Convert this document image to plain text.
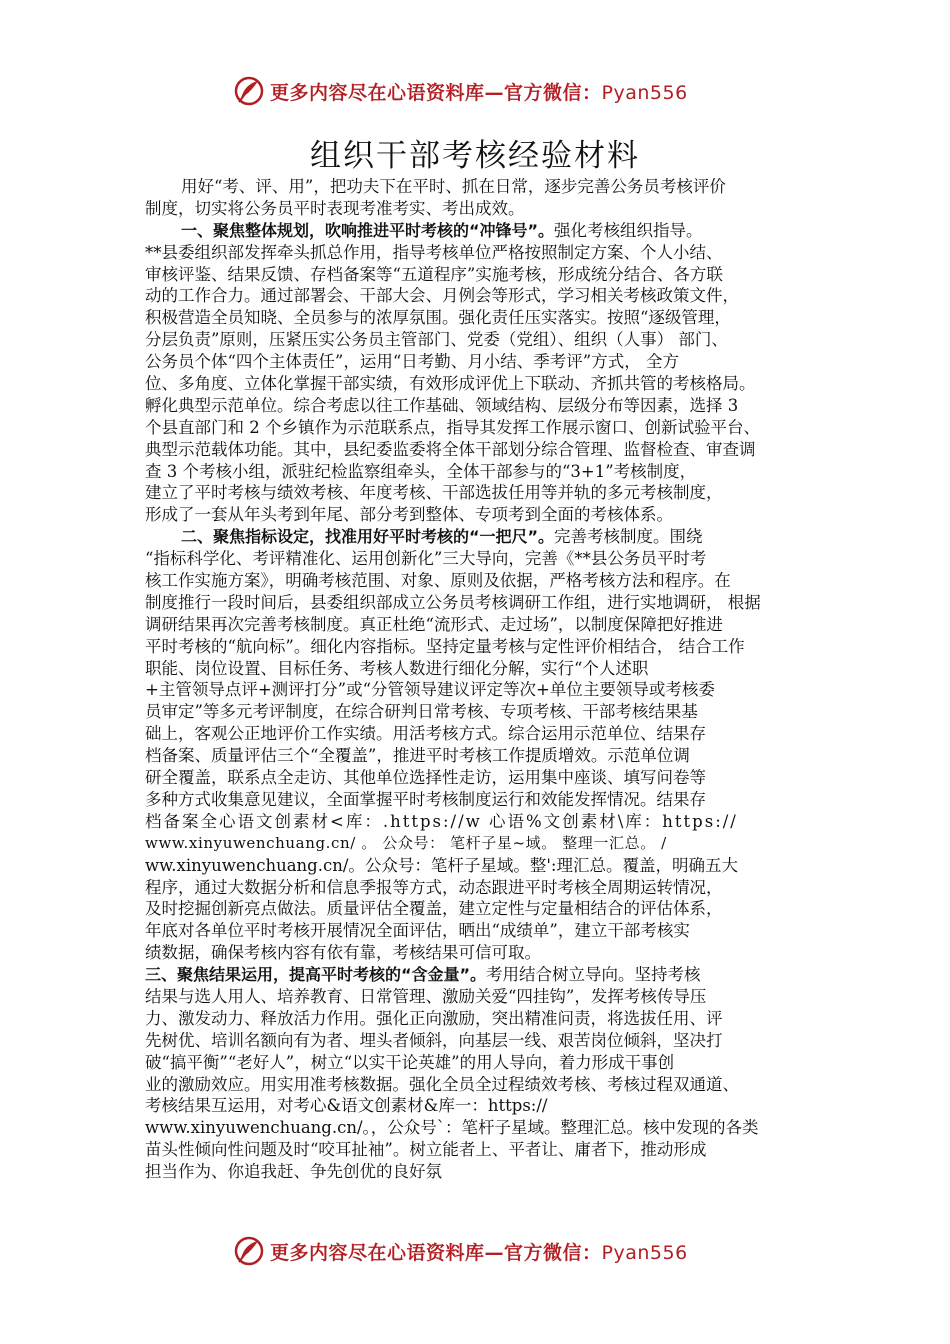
更多内容尽在心语资料库—官方微信：Pyan556
组织干部考核经验材料
用好“考、评、用”，把功夫下在平时、抓在日常，逐步完善公务员考核评价
制度，切实将公务员平时表现考准考实、考出成效。
一、聚焦整体规划，吹响推进平时考核的“冲锋号”。强化考核组织指导。
**县委组织部发挥牵头抓总作用，指导考核单位严格按照制定方案、个人小结、
审核评鉴、结果反馈、存档备案等“五道程序”实施考核，形成统分结合、各方联
动的工作合力。通过部署会、干部大会、月例会等形式，学习相关考核政策文件，
积极营造全员知晓、全员参与的浓厚氛围。强化责任压实落实。按照“逐级管理，
分层负责”原则，压紧压实公务员主管部门、党委（党组）、组织（人事） 部门、
公务员个体“四个主体责任”，运用“日考勤、月小结、季考评”方式， 全方
位、多角度、立体化掌握干部实绩，有效形成评优上下联动、齐抓共管的考核格局。
孵化典型示范单位。综合考虑以往工作基础、领域结构、层级分布等因素，选择 3
个县直部门和 2 个乡镇作为示范联系点，指导其发挥工作展示窗口、创新试验平台、
典型示范载体功能。其中，县纪委监委将全体干部划分综合管理、监督检查、审查调
查 3 个考核小组，派驻纪检监察组牵头，全体干部参与的“3+1”考核制度，
建立了平时考核与绩效考核、年度考核、干部选拔任用等并轨的多元考核制度，
形成了一套从年头考到年尾、部分考到整体、专项考到全面的考核体系。
二、聚焦指标设定，找准用好平时考核的“一把尺”。完善考核制度。围绕
“指标科学化、考评精准化、运用创新化”三大导向，完善《**县公务员平时考
核工作实施方案》，明确考核范围、对象、原则及依据，严格考核方法和程序。在
制度推行一段时间后，县委组织部成立公务员考核调研工作组，进行实地调研， 根据
调研结果再次完善考核制度。真正杜绝“流形式、走过场”，以制度保障把好推进
平时考核的“航向标”。细化内容指标。坚持定量考核与定性评价相结合， 结合工作
职能、岗位设置、目标任务、考核人数进行细化分解，实行“个人述职
+主管领导点评+测评打分”或“分管领导建议评定等次+单位主要领导或考核委
员审定”等多元考评制度，在综合研判日常考核、专项考核、干部考核结果基
础上，客观公正地评价工作实绩。用活考核方式。综合运用示范单位、结果存
档备案、质量评估三个“全覆盖”，推进平时考核工作提质增效。示范单位调
研全覆盖，联系点全走访、其他单位选择性走访，运用集中座谈、填写问卷等
多种方式收集意见建议，全面掌握平时考核制度运行和效能发挥情况。结果存
档备案全心语文创素材<库：.https://w 心语%文创素材\库：https://
www.xinyuwenchuang.cn/ 。 公众号： 笔杆子星~域。 整理一汇总。 /
ww.xinyuwenchuang.cn/。公众号：笔杆子星域。整':理汇总。覆盖，明确五大
程序，通过大数据分析和信息季报等方式，动态跟进平时考核全周期运转情况，
及时挖掘创新亮点做法。质量评估全覆盖，建立定性与定量相结合的评估体系，
年底对各单位平时考核开展情况全面评估，晒出“成绩单”，建立干部考核实
绩数据，确保考核内容有依有靠，考核结果可信可取。
三、聚焦结果运用，提高平时考核的“含金量”。考用结合树立导向。坚持考核
结果与选人用人、培养教育、日常管理、激励关爱“四挂钩”，发挥考核传导压
力、激发动力、释放活力作用。强化正向激励，突出精准问责，将选拔任用、评
先树优、培训名额向有为者、埋头者倾斜，向基层一线、艰苦岗位倾斜，坚决打
破“搞平衡”“老好人”，树立“以实干论英雄”的用人导向，着力形成干事创
业的激励效应。用实用准考核数据。强化全员全过程绩效考核、考核过程双通道、
考核结果互运用，对考心&语文创素材&库一：https://
www.xinyuwenchuang.cn/。，公众号`：笔杆子星域。整理汇总。核中发现的各类
苗头性倾向性问题及时“咬耳扯袖”。树立能者上、平者让、庸者下，推动形成
担当作为、你追我赶、争先创优的良好氛
更多内容尽在心语资料库—官方微信：Pyan556
